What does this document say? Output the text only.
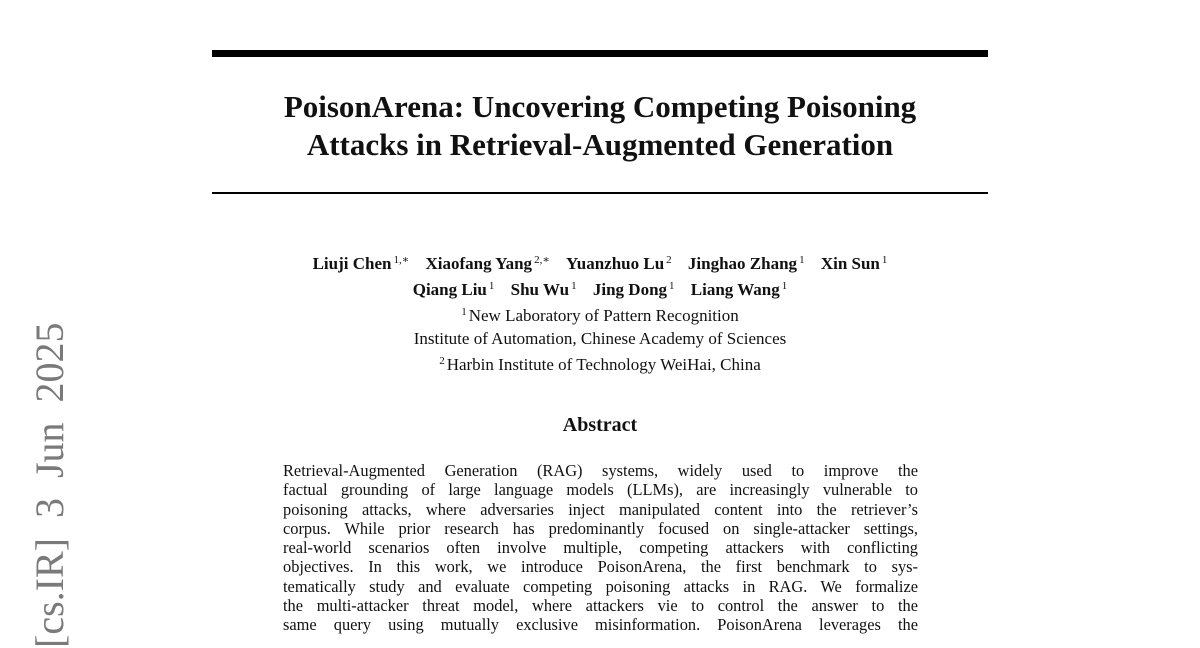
PoisonArena: Uncovering Competing Poisoning
Attacks in Retrieval-Augmented Generation
Liuji Chen $^{1,∗}$ Xiaofang Yang $^{2,∗}$ Yuanzhuo Lu $^2$ Jinghao Zhang $^1$ Xin Sun $^1$
Qiang Liu $^1$ Shu Wu $^1$ Jing Dong $^1$ Liang Wang $^1$
$^1$ New Laboratory of Pattern Recognition
Institute of Automation, Chinese Academy of Sciences
$^2$ Harbin Institute of Technology WeiHai, China
Abstract

Retrieval-Augmented Generation (RAG) systems, widely used to improve the
factual grounding of large language models (LLMs), are increasingly vulnerable to
poisoning attacks, where adversaries inject manipulated content into the retriever’s
corpus. While prior research has predominantly focused on single-attacker settings,
real-world scenarios often involve multiple, competing attackers with conflicting
objectives. In this work, we introduce PoisonArena, the first benchmark to sys-
tematically study and evaluate competing poisoning attacks in RAG. We formalize
the multi-attacker threat model, where attackers vie to control the answer to the
same query using mutually exclusive misinformation. PoisonArena leverages the

[cs.IR] 3 Jun 2025
